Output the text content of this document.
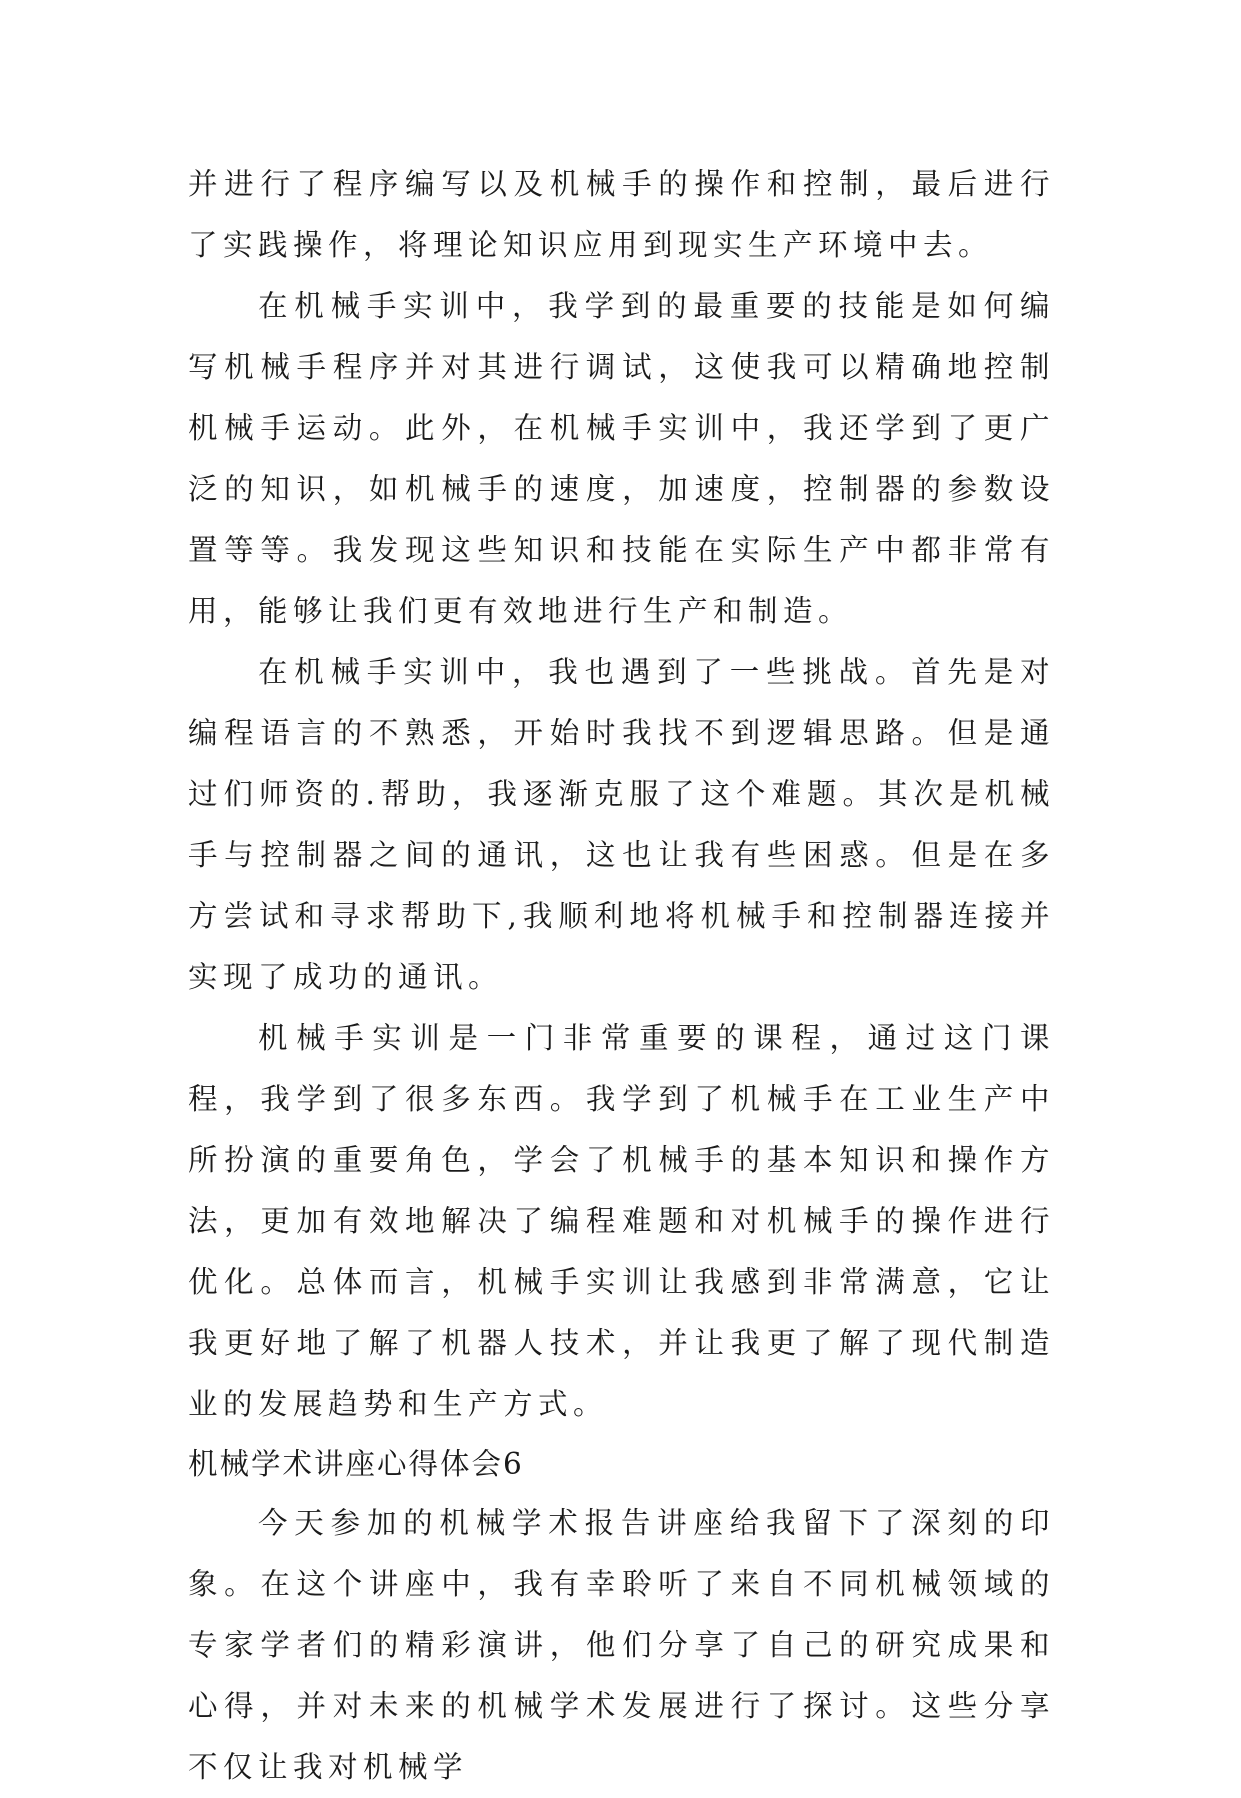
并进行了程序编写以及机械手的操作和控制，最后进行了实践操作，将理论知识应用到现实生产环境中去。

在机械手实训中，我学到的最重要的技能是如何编写机械手程序并对其进行调试，这使我可以精确地控制机械手运动。此外，在机械手实训中，我还学到了更广泛的知识，如机械手的速度，加速度，控制器的参数设置等等。我发现这些知识和技能在实际生产中都非常有用，能够让我们更有效地进行生产和制造。

在机械手实训中，我也遇到了一些挑战。首先是对编程语言的不熟悉，开始时我找不到逻辑思路。但是通过们师资的.帮助，我逐渐克服了这个难题。其次是机械手与控制器之间的通讯，这也让我有些困惑。但是在多方尝试和寻求帮助下,我顺利地将机械手和控制器连接并实现了成功的通讯。

机械手实训是一门非常重要的课程，通过这门课程，我学到了很多东西。我学到了机械手在工业生产中所扮演的重要角色，学会了机械手的基本知识和操作方法，更加有效地解决了编程难题和对机械手的操作进行优化。总体而言，机械手实训让我感到非常满意，它让我更好地了解了机器人技术，并让我更了解了现代制造业的发展趋势和生产方式。

机械学术讲座心得体会6

今天参加的机械学术报告讲座给我留下了深刻的印象。在这个讲座中，我有幸聆听了来自不同机械领域的专家学者们的精彩演讲，他们分享了自己的研究成果和心得，并对未来的机械学术发展进行了探讨。这些分享不仅让我对机械学
